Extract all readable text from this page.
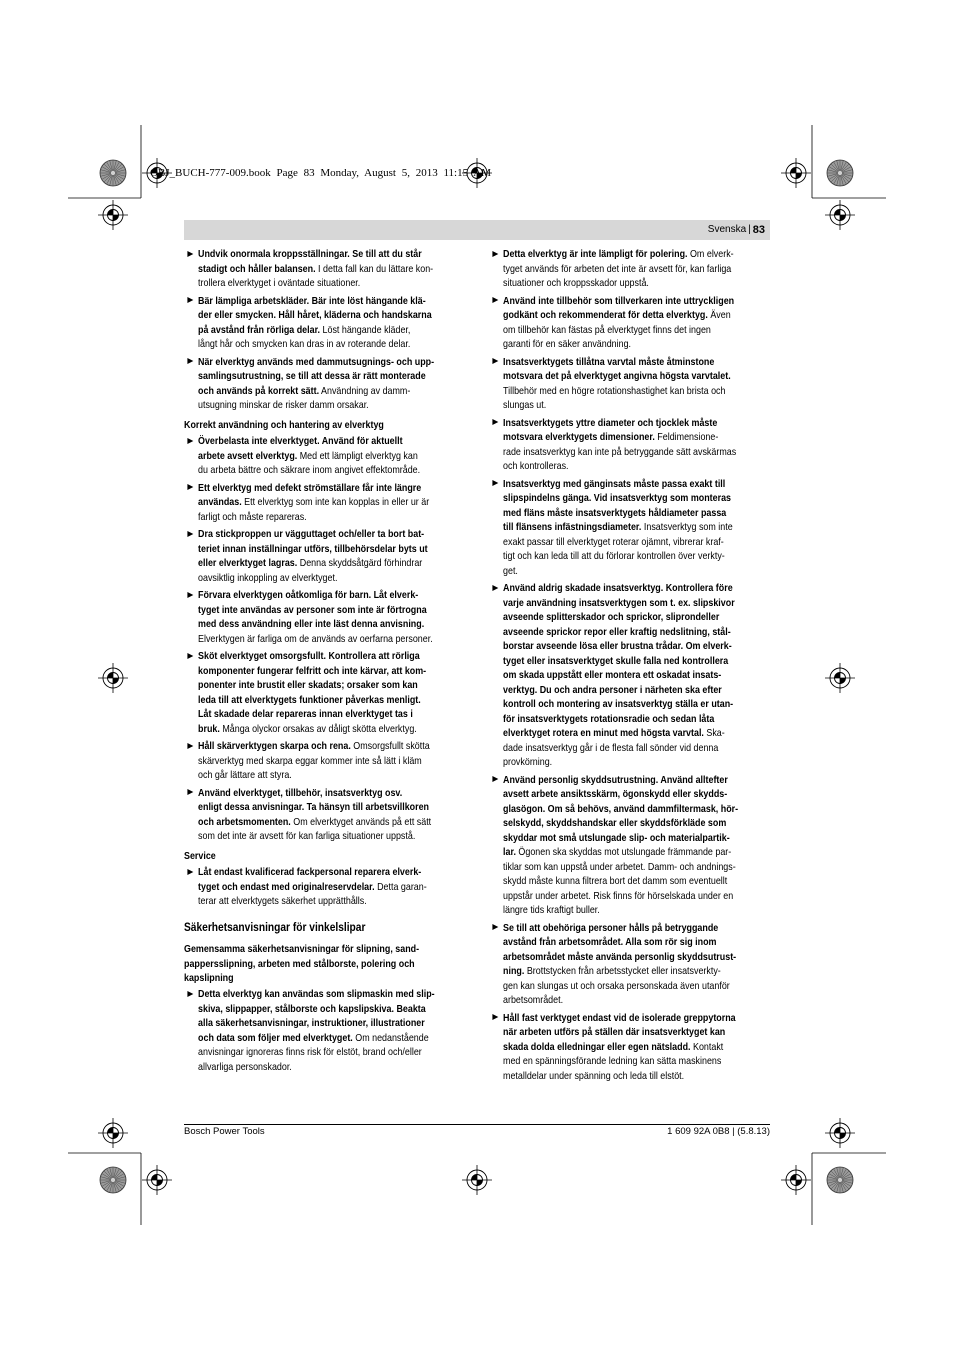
OBJ_BUCH-777-009.book Page 83 Monday, August 5, 2013 11:15 AM
Svenska | 83
Undvik onormala kroppsställningar. Se till att du står
stadigt och håller balansen. I detta fall kan du lättare kon-
trollera elverktyget i oväntade situationer.
Bär lämpliga arbetskläder. Bär inte löst hängande klä-
der eller smycken. Håll håret, kläderna och handskarna
på avstånd från rörliga delar. Löst hängande kläder,
långt hår och smycken kan dras in av roterande delar.
När elverktyg används med dammutsugnings- och upp-
samlingsutrustning, se till att dessa är rätt monterade
och används på korrekt sätt. Användning av damm-
utsugning minskar de risker damm orsakar.
Korrekt användning och hantering av elverktyg
Överbelasta inte elverktyget. Använd för aktuellt
arbete avsett elverktyg. Med ett lämpligt elverktyg kan
du arbeta bättre och säkrare inom angivet effektområde.
Ett elverktyg med defekt strömställare får inte längre
användas. Ett elverktyg som inte kan kopplas in eller ur är
farligt och måste repareras.
Dra stickproppen ur vägguttaget och/eller ta bort bat-
teriet innan inställningar utförs, tillbehörsdelar byts ut
eller elverktyget lagras. Denna skyddsåtgärd förhindrar
oavsiktlig inkoppling av elverktyget.
Förvara elverktygen oåtkomliga för barn. Låt elverk-
tyget inte användas av personer som inte är förtrogna
med dess användning eller inte läst denna anvisning.
Elverktygen är farliga om de används av oerfarna personer.
Sköt elverktyget omsorgsfullt. Kontrollera att rörliga
komponenter fungerar felfritt och inte kärvar, att kom-
ponenter inte brustit eller skadats; orsaker som kan
leda till att elverktygets funktioner påverkas menligt.
Låt skadade delar repareras innan elverktyget tas i
bruk. Många olyckor orsakas av dåligt skötta elverktyg.
Håll skärverktygen skarpa och rena. Omsorgsfullt skötta
skärverktyg med skarpa eggar kommer inte så lätt i kläm
och går lättare att styra.
Använd elverktyget, tillbehör, insatsverktyg osv.
enligt dessa anvisningar. Ta hänsyn till arbetsvillkoren
och arbetsmomenten. Om elverktyget används på ett sätt
som det inte är avsett för kan farliga situationer uppstå.
Service
Låt endast kvalificerad fackpersonal reparera elverk-
tyget och endast med originalreservdelar. Detta garan-
terar att elverktygets säkerhet upprätthålls.
Säkerhetsanvisningar för vinkelslipar
Gemensamma säkerhetsanvisningar för slipning, sand-
pappersslipning, arbeten med stålborste, polering och
kapslipning
Detta elverktyg kan användas som slipmaskin med slip-
skiva, slippapper, stålborste och kapslipskiva. Beakta
alla säkerhetsanvisningar, instruktioner, illustrationer
och data som följer med elverktyget. Om nedanstående
anvisningar ignoreras finns risk för elstöt, brand och/eller
allvarliga personskador.
Detta elverktyg är inte lämpligt för polering. Om elverk-
tyget används för arbeten det inte är avsett för, kan farliga
situationer och kroppsskador uppstå.
Använd inte tillbehör som tillverkaren inte uttryckligen
godkänt och rekommenderat för detta elverktyg. Även
om tillbehör kan fästas på elverktyget finns det ingen
garanti för en säker användning.
Insatsverktygets tillåtna varvtal måste åtminstone
motsvara det på elverktyget angivna högsta varvtalet.
Tillbehör med en högre rotationshastighet kan brista och
slungas ut.
Insatsverktygets yttre diameter och tjocklek måste
motsvara elverktygets dimensioner. Feldimensione-
rade insatsverktyg kan inte på betryggande sätt avskärmas
och kontrolleras.
Insatsverktyg med gänginsats måste passa exakt till
slipspindelns gänga. Vid insatsverktyg som monteras
med fläns måste insatsverktygets håldiameter passa
till flänsens infästningsdiameter. Insatsverktyg som inte
exakt passar till elverktyget roterar ojämnt, vibrerar kraf-
tigt och kan leda till att du förlorar kontrollen över verkty-
get.
Använd aldrig skadade insatsverktyg. Kontrollera före
varje användning insatsverktygen som t. ex. slipskivor
avseende splitterskador och sprickor, sliprondeller
avseende sprickor repor eller kraftig nedslitning, stål-
borstar avseende lösa eller brustna trådar. Om elverk-
tyget eller insatsverktyget skulle falla ned kontrollera
om skada uppstått eller montera ett oskadat insats-
verktyg. Du och andra personer i närheten ska efter
kontroll och montering av insatsverktyg ställa er utan-
för insatsverktygets rotationsradie och sedan låta
elverktyget rotera en minut med högsta varvtal. Ska-
dade insatsverktyg går i de flesta fall sönder vid denna
provkörning.
Använd personlig skyddsutrustning. Använd alltefter
avsett arbete ansiktsskärm, ögonskydd eller skydds-
glasögon. Om så behövs, använd dammfiltermask, hör-
selskydd, skyddshandskar eller skyddsförkläde som
skyddar mot små utslungade slip- och materialpartik-
lar. Ögonen ska skyddas mot utslungade främmande par-
tiklar som kan uppstå under arbetet. Damm- och andnings-
skydd måste kunna filtrera bort det damm som eventuellt
uppstår under arbetet. Risk finns för hörselskada under en
längre tids kraftigt buller.
Se till att obehöriga personer hålls på betryggande
avstånd från arbetsområdet. Alla som rör sig inom
arbetsområdet måste använda personlig skyddsutrust-
ning. Brottstycken från arbetsstycket eller insatsverkty-
gen kan slungas ut och orsaka personskada även utanför
arbetsområdet.
Håll fast verktyget endast vid de isolerade greppytorna
när arbeten utförs på ställen där insatsverktyget kan
skada dolda elledningar eller egen nätsladd. Kontakt
med en spänningsförande ledning kan sätta maskinens
metalldelar under spänning och leda till elstöt.
Bosch Power Tools	1 609 92A 0B8 | (5.8.13)
